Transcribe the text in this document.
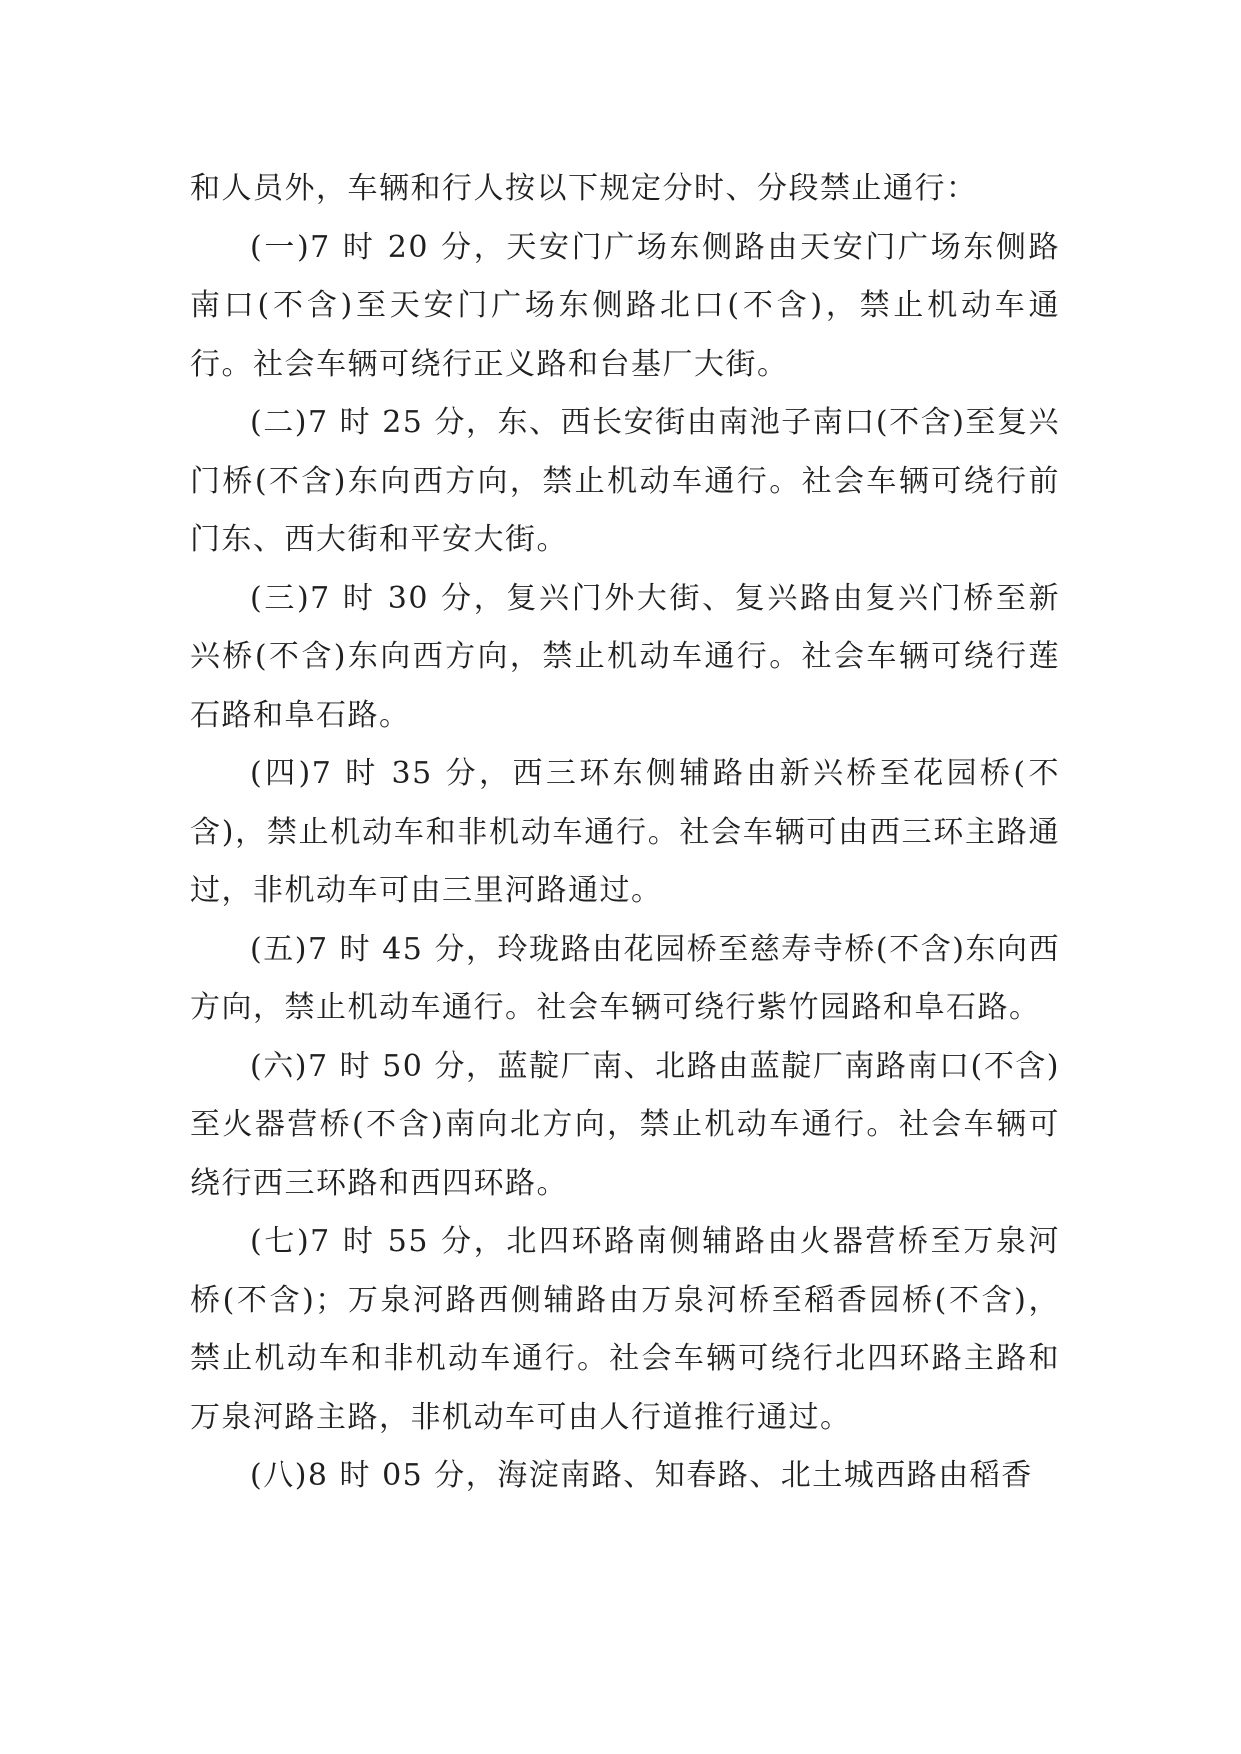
和人员外，车辆和行人按以下规定分时、分段禁止通行：

(一)7 时 20 分，天安门广场东侧路由天安门广场东侧路南口(不含)至天安门广场东侧路北口(不含)，禁止机动车通行。社会车辆可绕行正义路和台基厂大街。

(二)7 时 25 分，东、西长安街由南池子南口(不含)至复兴门桥(不含)东向西方向，禁止机动车通行。社会车辆可绕行前门东、西大街和平安大街。

(三)7 时 30 分，复兴门外大街、复兴路由复兴门桥至新兴桥(不含)东向西方向，禁止机动车通行。社会车辆可绕行莲石路和阜石路。

(四)7 时 35 分，西三环东侧辅路由新兴桥至花园桥(不含)，禁止机动车和非机动车通行。社会车辆可由西三环主路通过，非机动车可由三里河路通过。

(五)7 时 45 分，玲珑路由花园桥至慈寿寺桥(不含)东向西方向，禁止机动车通行。社会车辆可绕行紫竹园路和阜石路。

(六)7 时 50 分，蓝靛厂南、北路由蓝靛厂南路南口(不含)至火器营桥(不含)南向北方向，禁止机动车通行。社会车辆可绕行西三环路和西四环路。

(七)7 时 55 分，北四环路南侧辅路由火器营桥至万泉河桥(不含)；万泉河路西侧辅路由万泉河桥至稻香园桥(不含)，禁止机动车和非机动车通行。社会车辆可绕行北四环路主路和万泉河路主路，非机动车可由人行道推行通过。

(八)8 时 05 分，海淀南路、知春路、北土城西路由稻香
